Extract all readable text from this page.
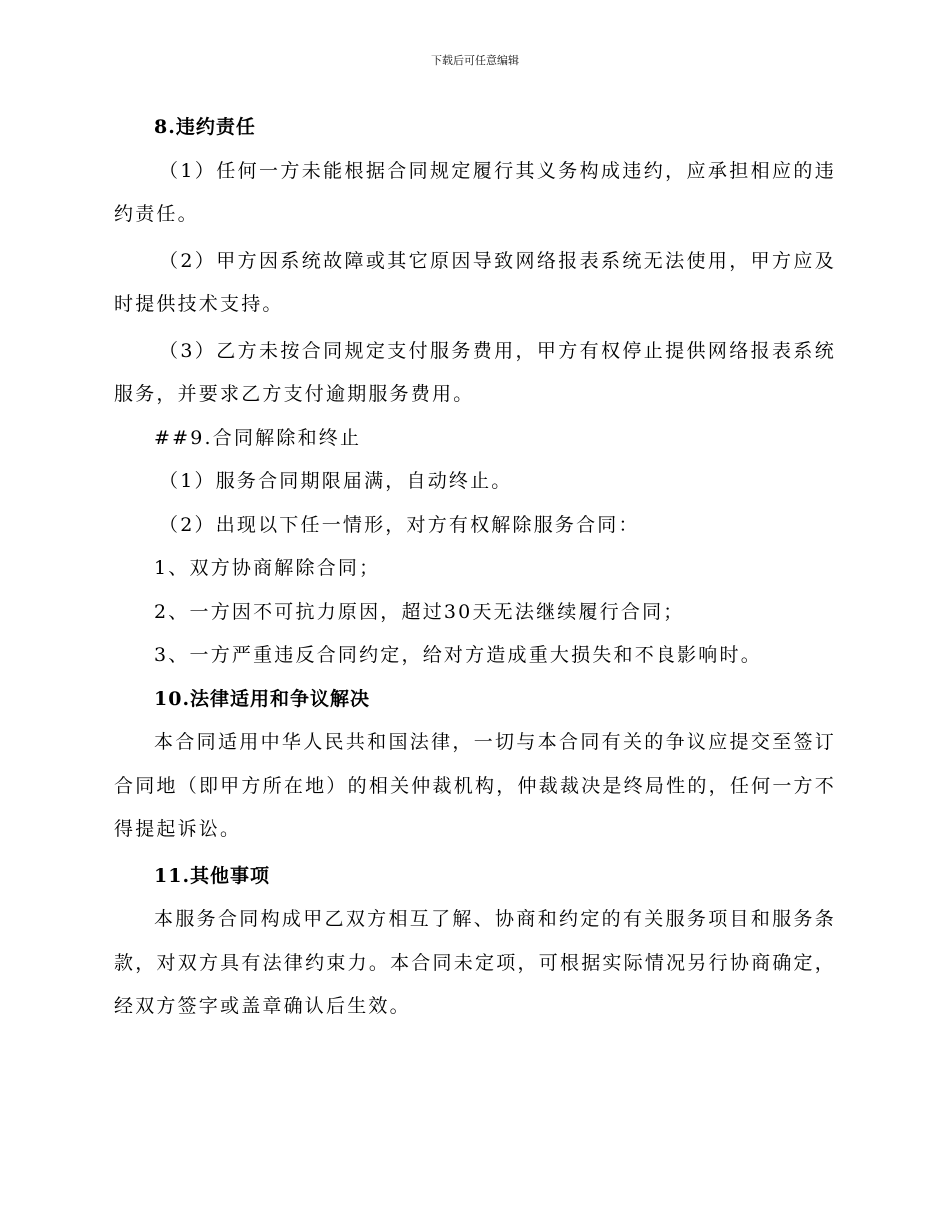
下载后可任意编辑

8.违约责任

（1）任何一方未能根据合同规定履行其义务构成违约，应承担相应的违约责任。

（2）甲方因系统故障或其它原因导致网络报表系统无法使用，甲方应及时提供技术支持。

（3）乙方未按合同规定支付服务费用，甲方有权停止提供网络报表系统服务，并要求乙方支付逾期服务费用。

##9.合同解除和终止

（1）服务合同期限届满，自动终止。

（2）出现以下任一情形，对方有权解除服务合同：

1、双方协商解除合同；

2、一方因不可抗力原因，超过30天无法继续履行合同；

3、一方严重违反合同约定，给对方造成重大损失和不良影响时。

10.法律适用和争议解决

本合同适用中华人民共和国法律，一切与本合同有关的争议应提交至签订合同地（即甲方所在地）的相关仲裁机构，仲裁裁决是终局性的，任何一方不得提起诉讼。

11.其他事项

本服务合同构成甲乙双方相互了解、协商和约定的有关服务项目和服务条款，对双方具有法律约束力。本合同未定项，可根据实际情况另行协商确定，经双方签字或盖章确认后生效。
